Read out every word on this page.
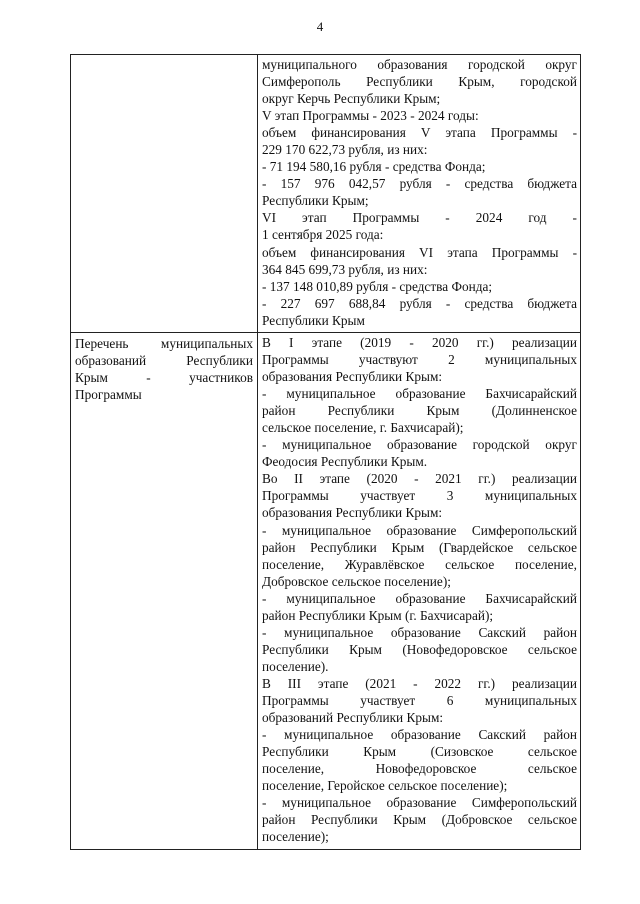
4
муниципального образования городской округ
Симферополь Республики Крым, городской
округ Керчь Республики Крым;
V этап Программы - 2023 - 2024 годы:
объем финансирования V этапа Программы -
229 170 622,73 рубля, из них:
- 71 194 580,16 рубля - средства Фонда;
- 157 976 042,57 рубля - средства бюджета
Республики Крым;
VI этап Программы - 2024 год -
1 сентября 2025 года:
объем финансирования VI этапа Программы -
364 845 699,73 рубля, из них:
- 137 148 010,89 рубля - средства Фонда;
- 227 697 688,84 рубля - средства бюджета
Республики Крым
Перечень муниципальных
образований Республики
Крым - участников
Программы
В I этапе (2019 - 2020 гг.) реализации
Программы участвуют 2 муниципальных
образования Республики Крым:
- муниципальное образование Бахчисарайский
район Республики Крым (Долинненское
сельское поселение, г. Бахчисарай);
- муниципальное образование городской округ
Феодосия Республики Крым.
Во II этапе (2020 - 2021 гг.) реализации
Программы участвует 3 муниципальных
образования Республики Крым:
- муниципальное образование Симферопольский
район Республики Крым (Гвардейское сельское
поселение, Журавлёвское сельское поселение,
Добровское сельское поселение);
- муниципальное образование Бахчисарайский
район Республики Крым (г. Бахчисарай);
- муниципальное образование Сакский район
Республики Крым (Новофедоровское сельское
поселение).
В III этапе (2021 - 2022 гг.) реализации
Программы участвует 6 муниципальных
образований Республики Крым:
- муниципальное образование Сакский район
Республики Крым (Сизовское сельское
поселение, Новофедоровское сельское
поселение, Геройское сельское поселение);
- муниципальное образование Симферопольский
район Республики Крым (Добровское сельское
поселение);
